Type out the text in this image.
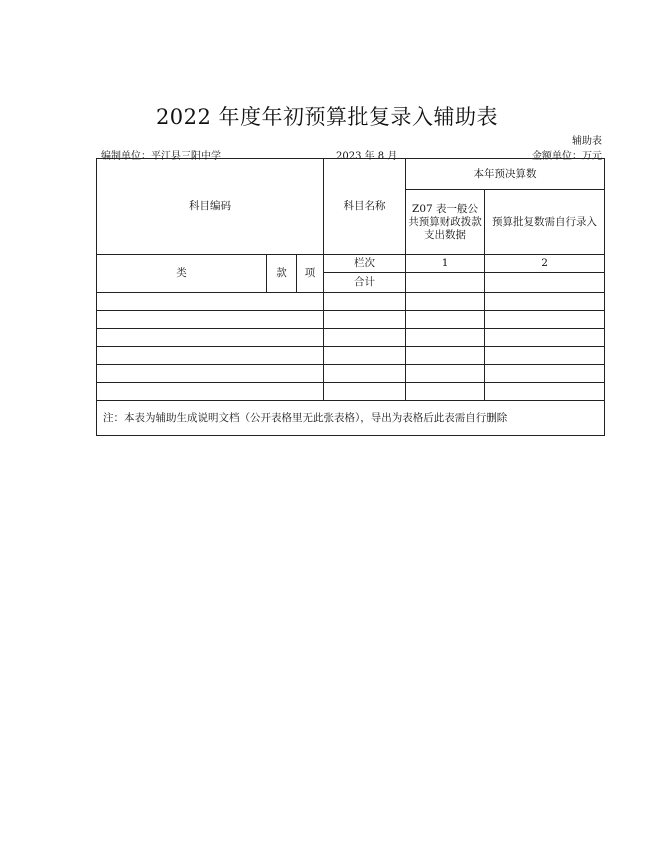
2022 年度年初预算批复录入辅助表
辅助表
编制单位：平江县三阳中学	2023 年 8 月	金额单位：万元
科目编码			科目名称	本年预决算数	
				Z07 表一般公共预算财政拨款支出数据	预算批复数需自行录入
类	款	项	栏次	1	2
			合计		

注：本表为辅助生成说明文档（公开表格里无此张表格），导出为表格后此表需自行删除					
